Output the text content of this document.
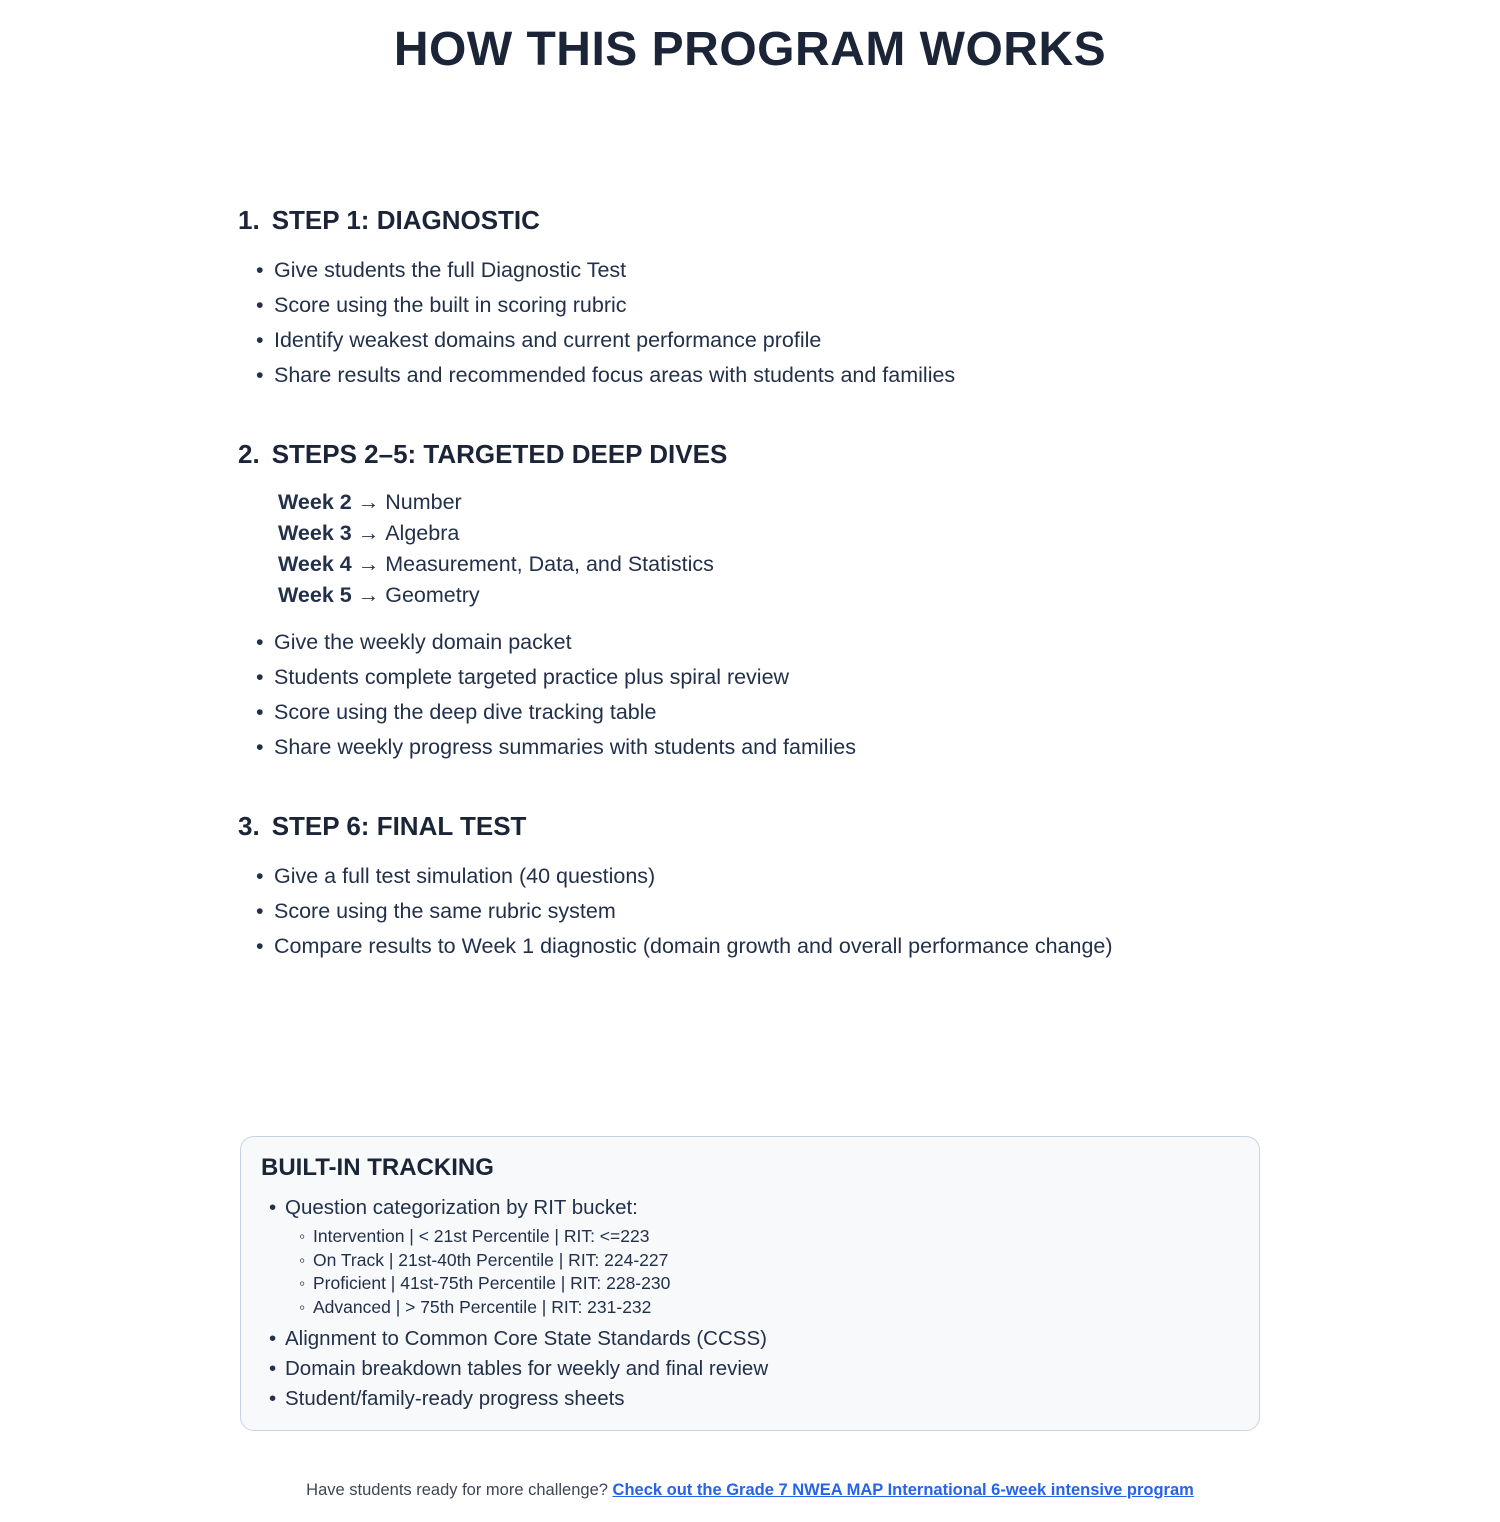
HOW THIS PROGRAM WORKS
1. STEP 1: DIAGNOSTIC
• Give students the full Diagnostic Test
• Score using the built in scoring rubric
• Identify weakest domains and current performance profile
• Share results and recommended focus areas with students and families
2. STEPS 2–5: TARGETED DEEP DIVES
Week 2 → Number
Week 3 → Algebra
Week 4 → Measurement, Data, and Statistics
Week 5 → Geometry
• Give the weekly domain packet
• Students complete targeted practice plus spiral review
• Score using the deep dive tracking table
• Share weekly progress summaries with students and families
3. STEP 6: FINAL TEST
• Give a full test simulation (40 questions)
• Score using the same rubric system
• Compare results to Week 1 diagnostic (domain growth and overall performance change)
BUILT-IN TRACKING
• Question categorization by RIT bucket:
◦ Intervention | < 21st Percentile | RIT: <=223
◦ On Track | 21st-40th Percentile | RIT: 224-227
◦ Proficient | 41st-75th Percentile | RIT: 228-230
◦ Advanced | > 75th Percentile | RIT: 231-232
• Alignment to Common Core State Standards (CCSS)
• Domain breakdown tables for weekly and final review
• Student/family-ready progress sheets
Have students ready for more challenge? Check out the Grade 7 NWEA MAP International 6-week intensive program
